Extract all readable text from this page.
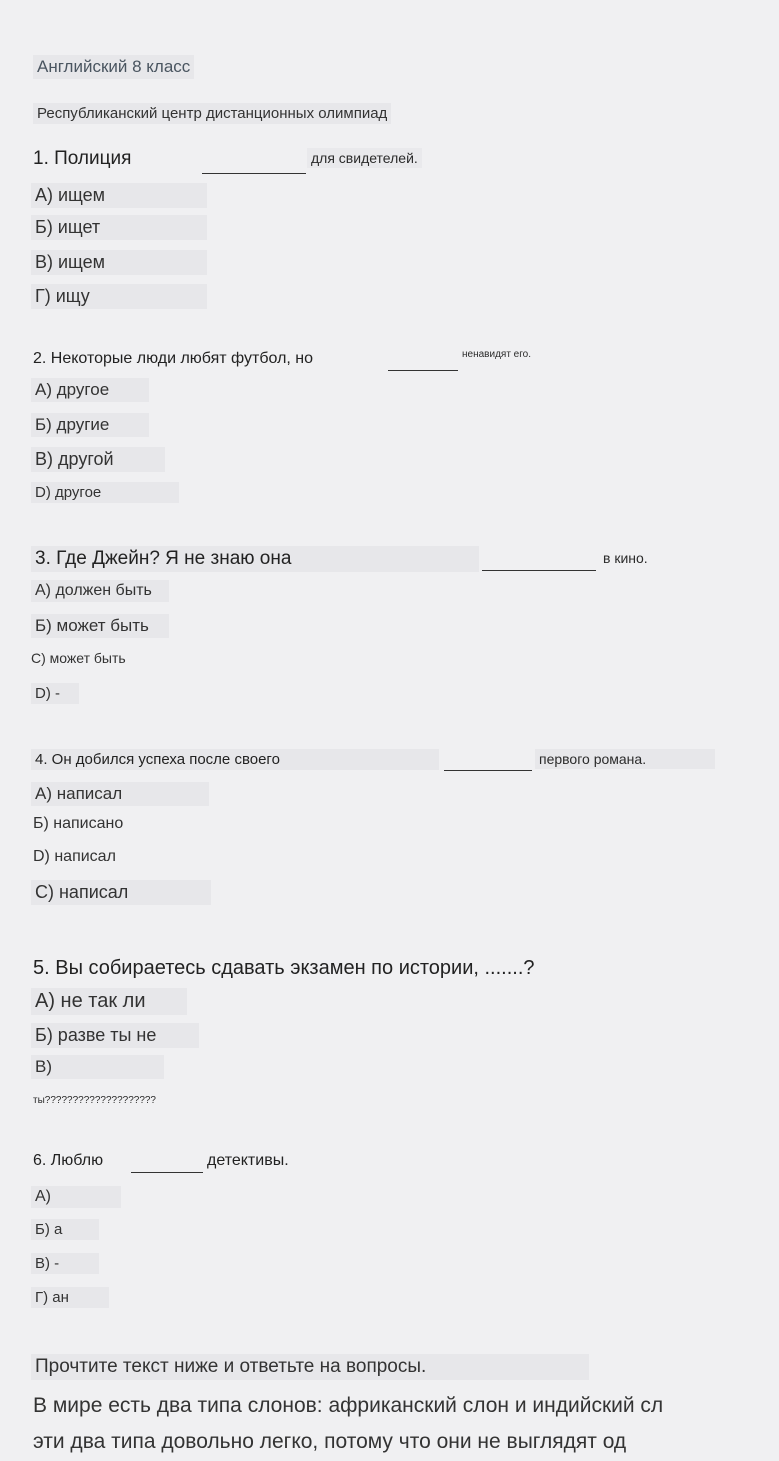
Английский 8 класс
Республиканский центр дистанционных олимпиад
1. Полиция	для свидетелей.
А) ищем
Б) ищет
В) ищем
Г) ищу
2. Некоторые люди любят футбол, но	ненавидят его.
А) другое
Б) другие
В) другой
D) другое
3. Где Джейн? Я не знаю она	в кино.
А) должен быть
Б) может быть
C) может быть
D) -
4. Он добился успеха после своего	первого романа.
А) написал
Б) написано
D) написал
С) написал
5. Вы собираетесь сдавать экзамен по истории, .......?
А) не так ли
Б) разве ты не
В)
ты????????????????????
6. Люблю	детективы.
А)
Б) а
В) -
Г) ан
Прочтите текст ниже и ответьте на вопросы.
В мире есть два типа слонов: африканский слон и индийский сл
эти два типа довольно легко, потому что они не выглядят од
